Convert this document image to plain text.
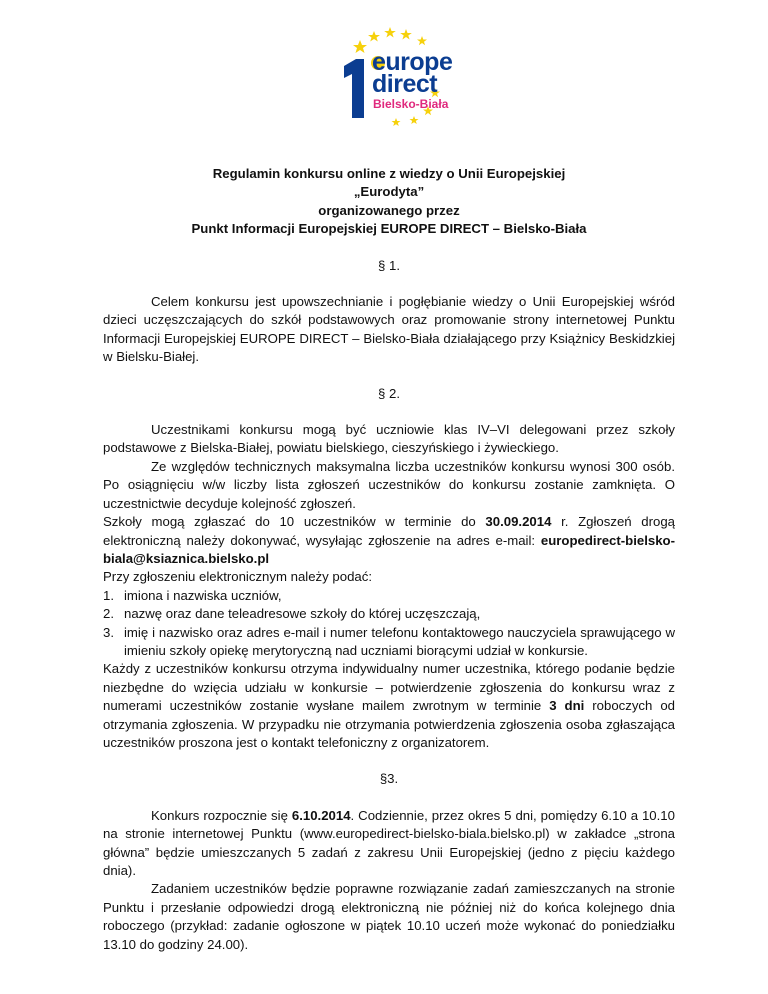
europe
direct
Bielsko-Biała
Regulamin konkursu online z wiedzy o Unii Europejskiej
„Eurodyta”
organizowanego przez
Punkt Informacji Europejskiej EUROPE DIRECT – Bielsko-Biała
§ 1.

Celem konkursu jest upowszechnianie i pogłębianie wiedzy o Unii Europejskiej wśród dzieci uczęszczających do szkół podstawowych oraz promowanie strony internetowej Punktu Informacji Europejskiej EUROPE DIRECT – Bielsko-Biała działającego przy Książnicy Beskidzkiej w Bielsku-Białej.

§ 2.

Uczestnikami konkursu mogą być uczniowie klas IV–VI delegowani przez szkoły podstawowe z Bielska-Białej, powiatu bielskiego, cieszyńskiego i żywieckiego.

Ze względów technicznych maksymalna liczba uczestników konkursu wynosi 300 osób. Po osiągnięciu w/w liczby lista zgłoszeń uczestników do konkursu zostanie zamknięta. O uczestnictwie decyduje kolejność zgłoszeń.

Szkoły mogą zgłaszać do 10 uczestników w terminie do 30.09.2014 r. Zgłoszeń drogą elektroniczną należy dokonywać, wysyłając zgłoszenie na adres e-mail: europedirect-bielsko-biala@ksiaznica.bielsko.pl

Przy zgłoszeniu elektronicznym należy podać:

1. imiona i nazwiska uczniów,
2. nazwę oraz dane teleadresowe szkoły do której uczęszczają,
3. imię i nazwisko oraz adres e-mail i numer telefonu kontaktowego nauczyciela sprawującego w imieniu szkoły opiekę merytoryczną nad uczniami biorącymi udział w konkursie.

Każdy z uczestników konkursu otrzyma indywidualny numer uczestnika, którego podanie będzie niezbędne do wzięcia udziału w konkursie – potwierdzenie zgłoszenia do konkursu wraz z numerami uczestników zostanie wysłane mailem zwrotnym w terminie 3 dni roboczych od otrzymania zgłoszenia. W przypadku nie otrzymania potwierdzenia zgłoszenia osoba zgłaszająca uczestników proszona jest o kontakt telefoniczny z organizatorem.

§3.

Konkurs rozpocznie się 6.10.2014. Codziennie, przez okres 5 dni, pomiędzy 6.10 a 10.10 na stronie internetowej Punktu (www.europedirect-bielsko-biala.bielsko.pl) w zakładce „strona główna” będzie umieszczanych 5 zadań z zakresu Unii Europejskiej (jedno z pięciu każdego dnia).

Zadaniem uczestników będzie poprawne rozwiązanie zadań zamieszczanych na stronie Punktu i przesłanie odpowiedzi drogą elektroniczną nie później niż do końca kolejnego dnia roboczego (przykład: zadanie ogłoszone w piątek 10.10 uczeń może wykonać do poniedziałku 13.10 do godziny 24.00).
